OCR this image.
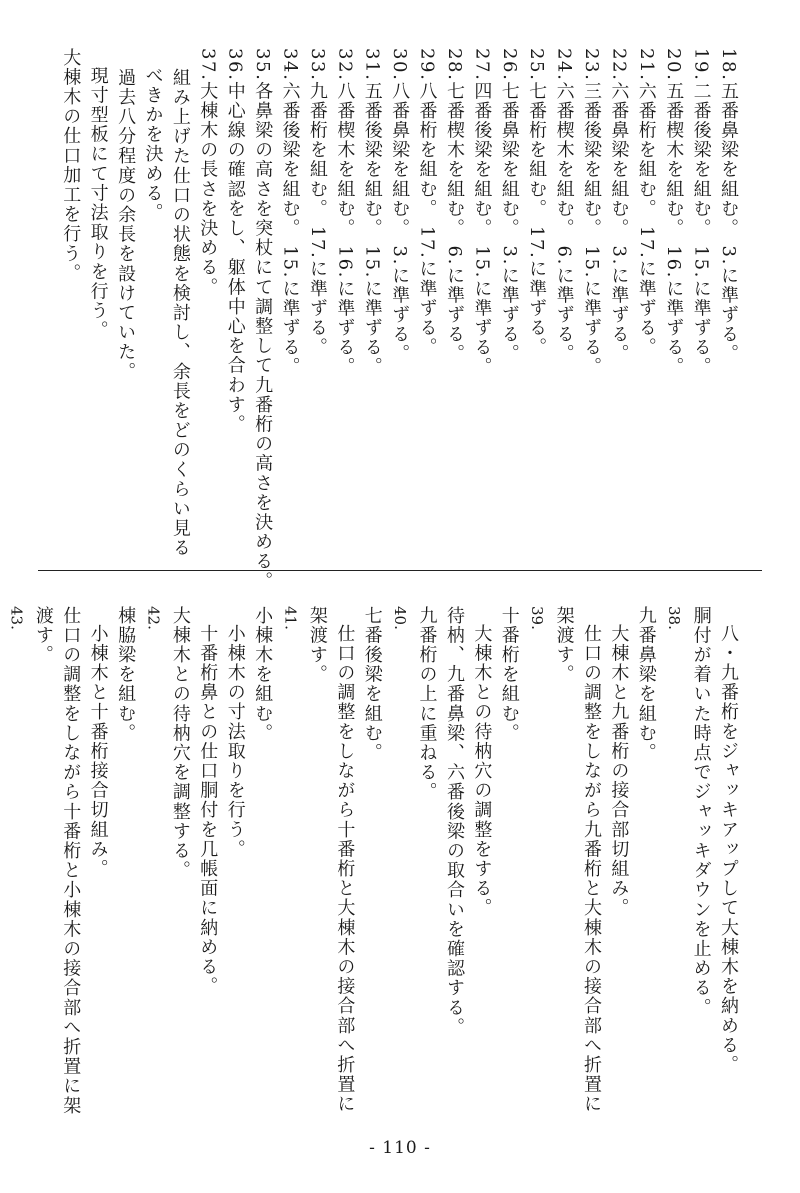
18.五番鼻梁を組む。 3.に準ずる。
19.二番後梁を組む。 15.に準ずる。
20.五番楔木を組む。 16.に準ずる。
21.六番桁を組む。 17.に準ずる。
22.六番鼻梁を組む。 3.に準ずる。
23.三番後梁を組む。 15.に準ずる。
24.六番楔木を組む。 6.に準ずる。
25.七番桁を組む。 17.に準ずる。
26.七番鼻梁を組む。 3.に準ずる。
27.四番後梁を組む。 15.に準ずる。
28.七番楔木を組む。 6.に準ずる。
29.八番桁を組む。 17.に準ずる。
30.八番鼻梁を組む。 3.に準ずる。
31.五番後梁を組む。 15.に準ずる。
32.八番楔木を組む。 16.に準ずる。
33.九番桁を組む。 17.に準ずる。
34.六番後梁を組む。 15.に準ずる。
35.各鼻梁の高さを突杖にて調整して九番桁の高さを決める。
36.中心線の確認をし、躯体中心を合わす。
37.大棟木の長さを決める。
組み上げた仕口の状態を検討し、余長をどのくらい見る
べきかを決める。
過去八分程度の余長を設けていた。
現寸型板にて寸法取りを行う。
大棟木の仕口加工を行う。
八・九番桁をジャッキアップして大棟木を納める。
胴付が着いた時点でジャッキダウンを止める。
38.
九番鼻梁を組む。
大棟木と九番桁の接合部切組み。
仕口の調整をしながら九番桁と大棟木の接合部へ折置に
架渡す。
39.
十番桁を組む。
大棟木との待枘穴の調整をする。
待枘、九番鼻梁、六番後梁の取合いを確認する。
九番桁の上に重ねる。
40.
七番後梁を組む。
仕口の調整をしながら十番桁と大棟木の接合部へ折置に
架渡す。
41.
小棟木を組む。
小棟木の寸法取りを行う。
十番桁鼻との仕口胴付を几帳面に納める。
大棟木との待枘穴を調整する。
42.
棟脇梁を組む。
小棟木と十番桁接合切組み。
仕口の調整をしながら十番桁と小棟木の接合部へ折置に架
渡す。
43.
- 110 -
